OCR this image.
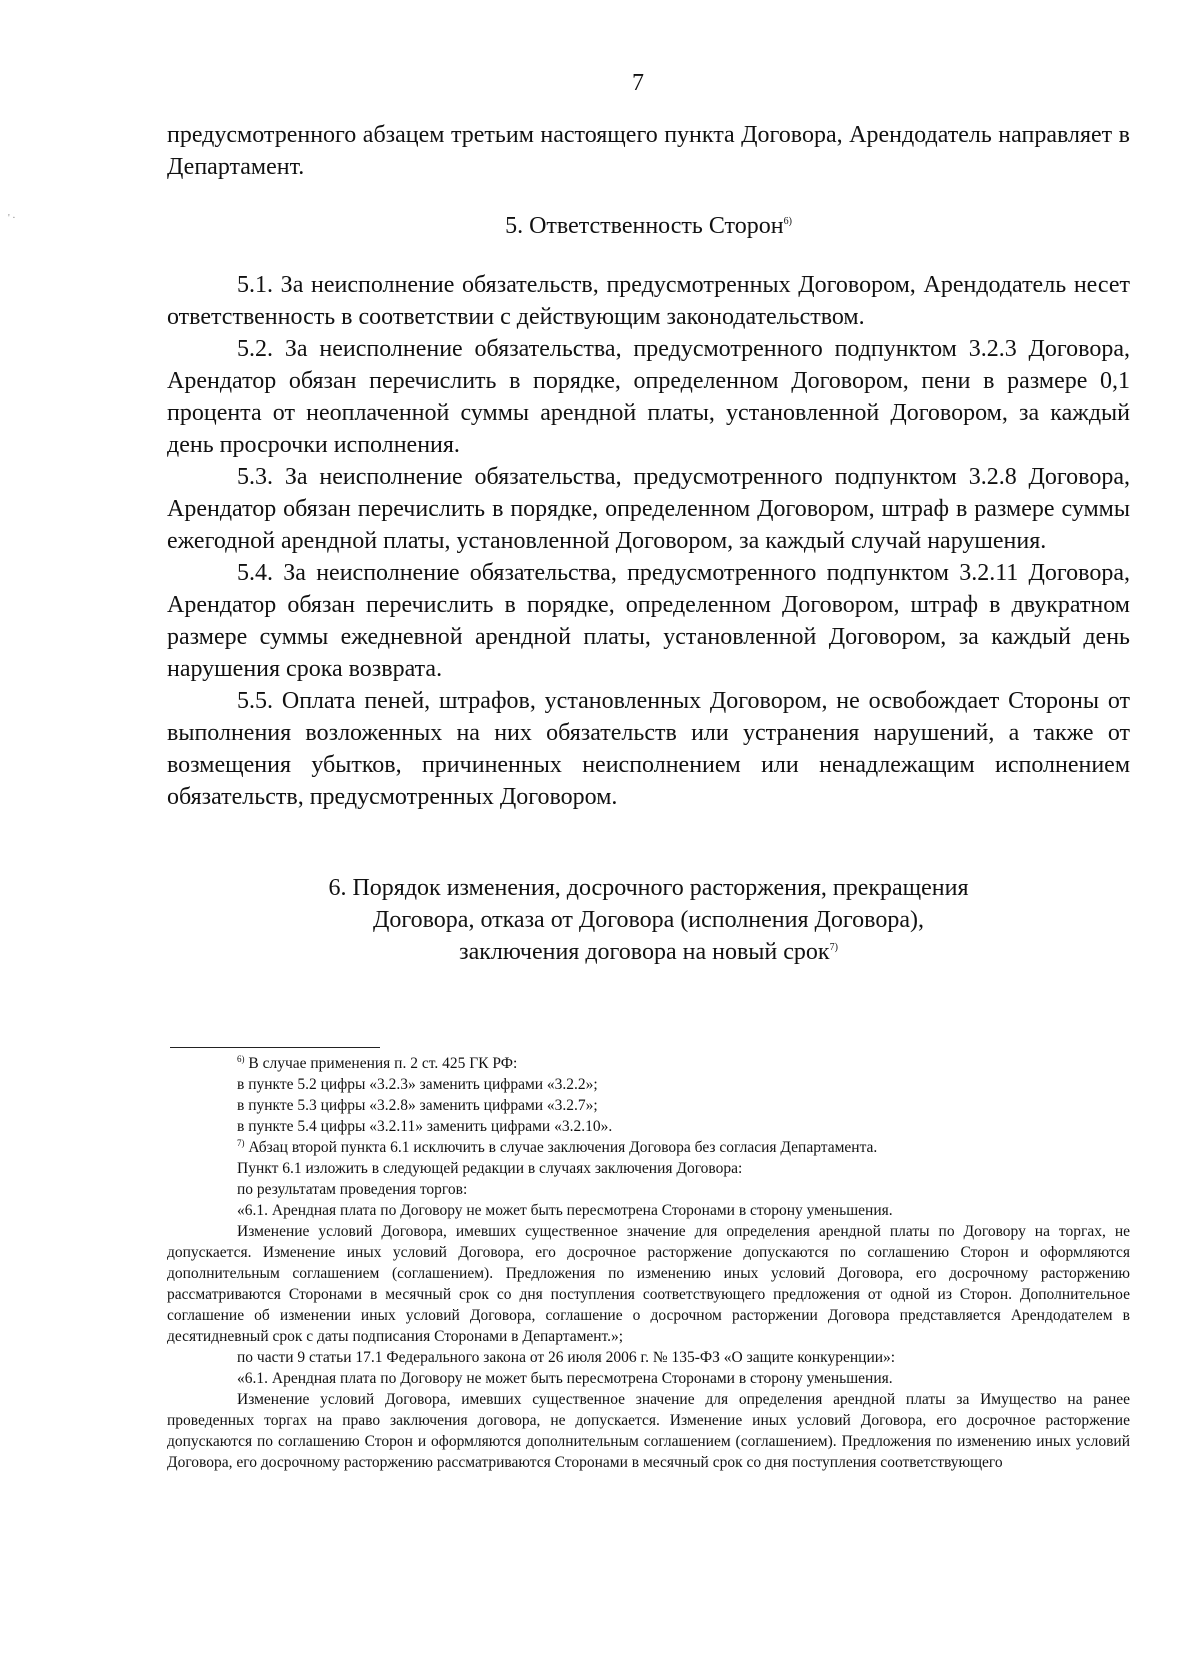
7

предусмотренного абзацем третьим настоящего пункта Договора, Арендодатель направляет в Департамент.

5. Ответственность Сторон$^{6)}$

5.1. За неисполнение обязательств, предусмотренных Договором, Арендодатель несет ответственность в соответствии с действующим законодательством.

5.2. За неисполнение обязательства, предусмотренного подпунктом 3.2.3 Договора, Арендатор обязан перечислить в порядке, определенном Договором, пени в размере 0,1 процента от неоплаченной суммы арендной платы, установленной Договором, за каждый день просрочки исполнения.

5.3. За неисполнение обязательства, предусмотренного подпунктом 3.2.8 Договора, Арендатор обязан перечислить в порядке, определенном Договором, штраф в размере суммы ежегодной арендной платы, установленной Договором, за каждый случай нарушения.

5.4. За неисполнение обязательства, предусмотренного подпунктом 3.2.11 Договора, Арендатор обязан перечислить в порядке, определенном Договором, штраф в двукратном размере суммы ежедневной арендной платы, установленной Договором, за каждый день нарушения срока возврата.

5.5. Оплата пеней, штрафов, установленных Договором, не освобождает Стороны от выполнения возложенных на них обязательств или устранения нарушений, а также от возмещения убытков, причиненных неисполнением или ненадлежащим исполнением обязательств, предусмотренных Договором.

6. Порядок изменения, досрочного расторжения, прекращения

Договора, отказа от Договора (исполнения Договора),

заключения договора на новый срок$^{7)}$

$^{6)}$ В случае применения п. 2 ст. 425 ГК РФ:

в пункте 5.2 цифры «3.2.3» заменить цифрами «3.2.2»;

в пункте 5.3 цифры «3.2.8» заменить цифрами «3.2.7»;

в пункте 5.4 цифры «3.2.11» заменить цифрами «3.2.10».

$^{7)}$ Абзац второй пункта 6.1 исключить в случае заключения Договора без согласия Департамента.

Пункт 6.1 изложить в следующей редакции в случаях заключения Договора:

по результатам проведения торгов:

«6.1. Арендная плата по Договору не может быть пересмотрена Сторонами в сторону уменьшения.

Изменение условий Договора, имевших существенное значение для определения арендной платы по Договору на торгах, не допускается. Изменение иных условий Договора, его досрочное расторжение допускаются по соглашению Сторон и оформляются дополнительным соглашением (соглашением). Предложения по изменению иных условий Договора, его досрочному расторжению рассматриваются Сторонами в месячный срок со дня поступления соответствующего предложения от одной из Сторон. Дополнительное соглашение об изменении иных условий Договора, соглашение о досрочном расторжении Договора представляется Арендодателем в десятидневный срок с даты подписания Сторонами в Департамент.»;

по части 9 статьи 17.1 Федерального закона от 26 июля 2006 г. № 135-ФЗ «О защите конкуренции»:

«6.1. Арендная плата по Договору не может быть пересмотрена Сторонами в сторону уменьшения.

Изменение условий Договора, имевших существенное значение для определения арендной платы за Имущество на ранее проведенных торгах на право заключения договора, не допускается. Изменение иных условий Договора, его досрочное расторжение допускаются по соглашению Сторон и оформляются дополнительным соглашением (соглашением). Предложения по изменению иных условий Договора, его досрочному расторжению рассматриваются Сторонами в месячный срок со дня поступления соответствующего

' ·
